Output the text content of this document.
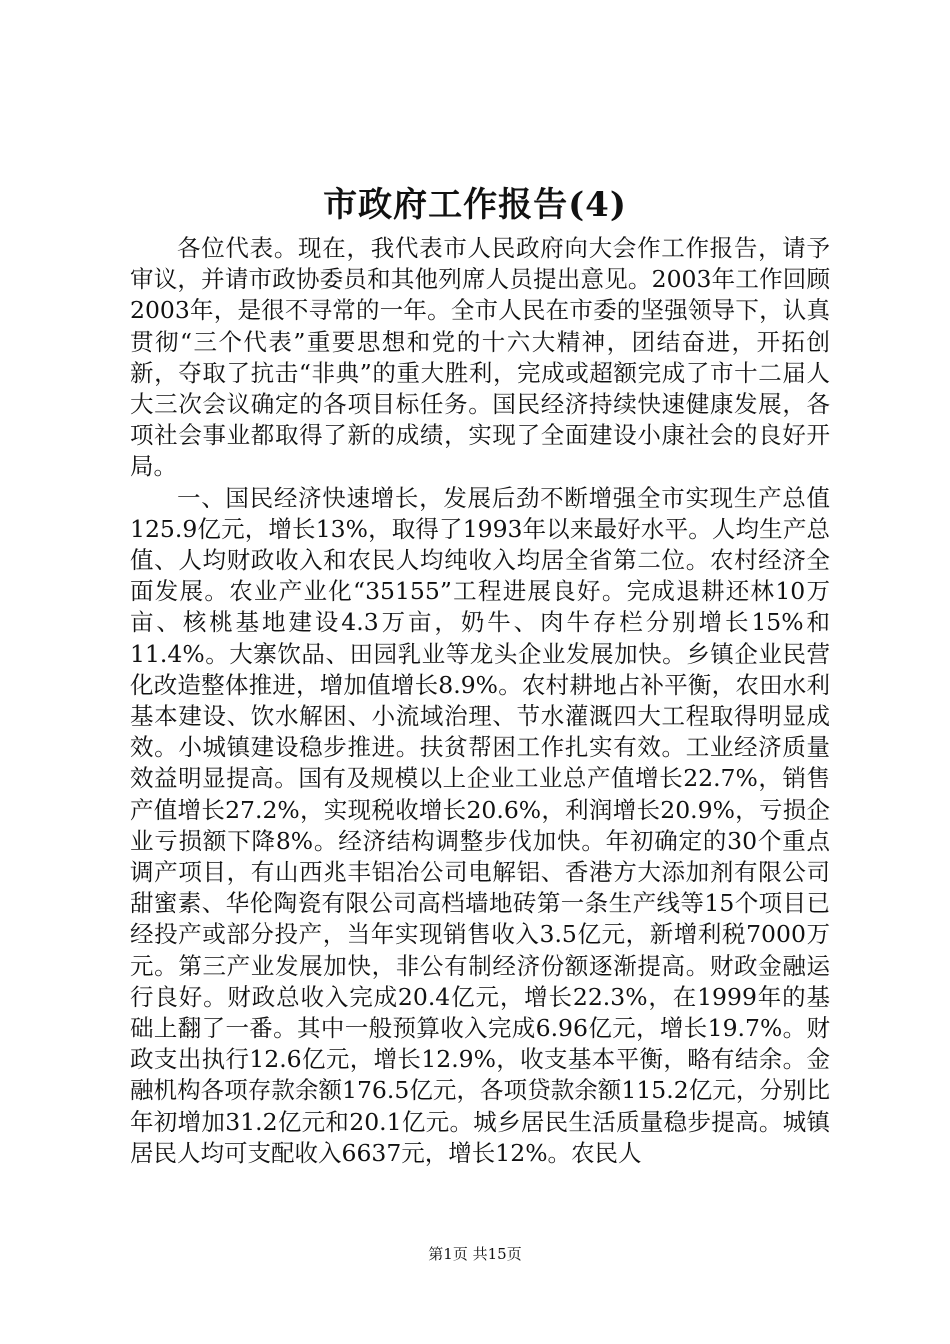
市政府工作报告(4)

各位代表。现在，我代表市人民政府向大会作工作报告，请予审议，并请市政协委员和其他列席人员提出意见。2003年工作回顾2003年，是很不寻常的一年。全市人民在市委的坚强领导下，认真贯彻“三个代表”重要思想和党的十六大精神，团结奋进，开拓创新，夺取了抗击“非典”的重大胜利，完成或超额完成了市十二届人大三次会议确定的各项目标任务。国民经济持续快速健康发展，各项社会事业都取得了新的成绩，实现了全面建设小康社会的良好开局。

一、国民经济快速增长，发展后劲不断增强全市实现生产总值125.9亿元，增长13%，取得了1993年以来最好水平。人均生产总值、人均财政收入和农民人均纯收入均居全省第二位。农村经济全面发展。农业产业化“35155”工程进展良好。完成退耕还林10万亩、核桃基地建设4.3万亩，奶牛、肉牛存栏分别增长15%和11.4%。大寨饮品、田园乳业等龙头企业发展加快。乡镇企业民营化改造整体推进，增加值增长8.9%。农村耕地占补平衡，农田水利基本建设、饮水解困、小流域治理、节水灌溉四大工程取得明显成效。小城镇建设稳步推进。扶贫帮困工作扎实有效。工业经济质量效益明显提高。国有及规模以上企业工业总产值增长22.7%，销售产值增长27.2%，实现税收增长20.6%，利润增长20.9%，亏损企业亏损额下降8%。经济结构调整步伐加快。年初确定的30个重点调产项目，有山西兆丰铝冶公司电解铝、香港方大添加剂有限公司甜蜜素、华伦陶瓷有限公司高档墙地砖第一条生产线等15个项目已经投产或部分投产，当年实现销售收入3.5亿元，新增利税7000万元。第三产业发展加快，非公有制经济份额逐渐提高。财政金融运行良好。财政总收入完成20.4亿元，增长22.3%，在1999年的基础上翻了一番。其中一般预算收入完成6.96亿元，增长19.7%。财政支出执行12.6亿元，增长12.9%，收支基本平衡，略有结余。金融机构各项存款余额176.5亿元，各项贷款余额115.2亿元，分别比年初增加31.2亿元和20.1亿元。城乡居民生活质量稳步提高。城镇居民人均可支配收入6637元，增长12%。农民人

第1页 共15页
